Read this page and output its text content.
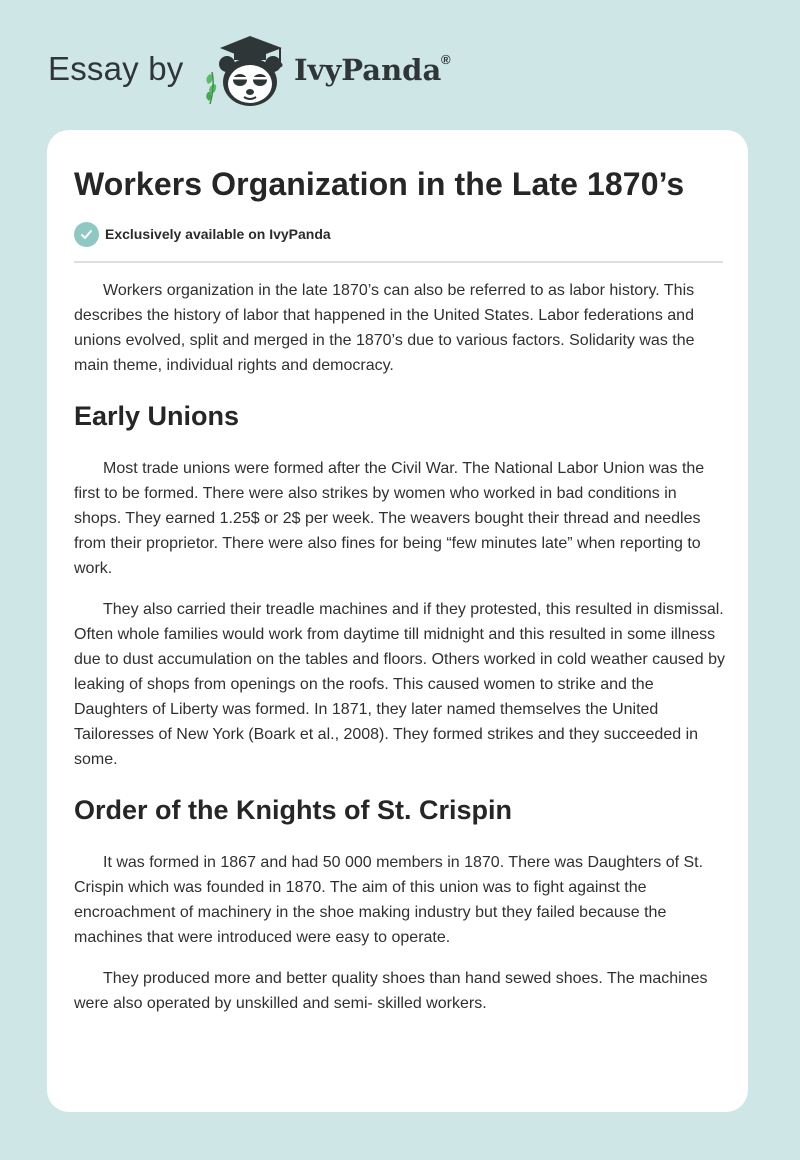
Essay by	IvyPanda ®
Workers Organization in the Late 1870’s
Exclusively available on IvyPanda

Workers organization in the late 1870’s can also be referred to as labor history. This describes the history of labor that happened in the United States. Labor federations and unions evolved, split and merged in the 1870’s due to various factors. Solidarity was the main theme, individual rights and democracy.

Early Unions

Most trade unions were formed after the Civil War. The National Labor Union was the first to be formed. There were also strikes by women who worked in bad conditions in shops. They earned 1.25$ or 2$ per week. The weavers bought their thread and needles from their proprietor. There were also fines for being “few minutes late” when reporting to work.

They also carried their treadle machines and if they protested, this resulted in dismissal. Often whole families would work from daytime till midnight and this resulted in some illness due to dust accumulation on the tables and floors. Others worked in cold weather caused by leaking of shops from openings on the roofs. This caused women to strike and the Daughters of Liberty was formed. In 1871, they later named themselves the United Tailoresses of New York (Boark et al., 2008). They formed strikes and they succeeded in some.

Order of the Knights of St. Crispin

It was formed in 1867 and had 50 000 members in 1870. There was Daughters of St. Crispin which was founded in 1870. The aim of this union was to fight against the encroachment of machinery in the shoe making industry but they failed because the machines that were introduced were easy to operate.

They produced more and better quality shoes than hand sewed shoes. The machines were also operated by unskilled and semi- skilled workers.
